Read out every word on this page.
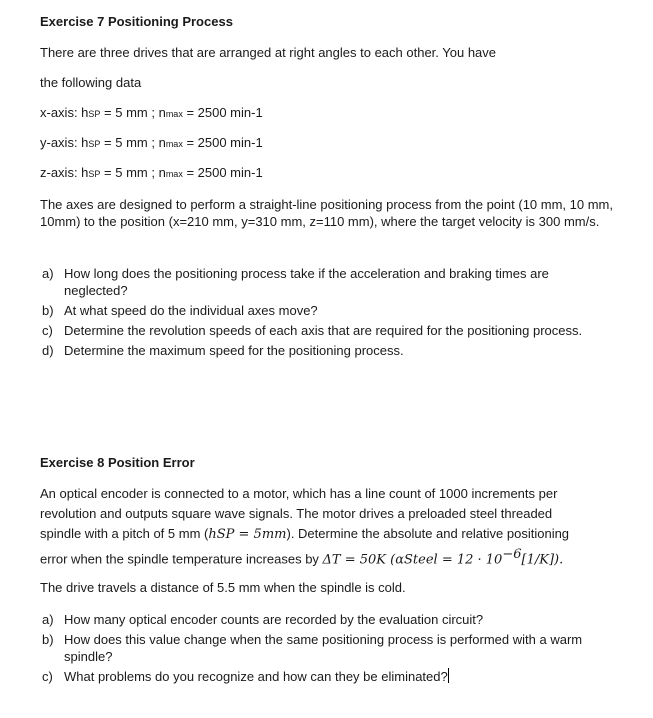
Exercise 7 Positioning Process
There are three drives that are arranged at right angles to each other. You have
the following data
x-axis: hSP = 5 mm ; nmax = 2500 min-1
y-axis: hSP = 5 mm ; nmax = 2500 min-1
z-axis: hSP = 5 mm ; nmax = 2500 min-1
The axes are designed to perform a straight-line positioning process from the point (10 mm, 10 mm, 10mm) to the position (x=210 mm, y=310 mm, z=110 mm), where the target velocity is 300 mm/s.
a) How long does the positioning process take if the acceleration and braking times are neglected?
b) At what speed do the individual axes move?
c) Determine the revolution speeds of each axis that are required for the positioning process.
d) Determine the maximum speed for the positioning process.
Exercise 8 Position Error
An optical encoder is connected to a motor, which has a line count of 1000 increments per
revolution and outputs square wave signals. The motor drives a preloaded steel threaded
spindle with a pitch of 5 mm (hSP = 5mm). Determine the absolute and relative positioning
error when the spindle temperature increases by ΔT = 50K (αSteel = $12 \cdot 10^{-6}[1/K]$).
The drive travels a distance of 5.5 mm when the spindle is cold.
a) How many optical encoder counts are recorded by the evaluation circuit?
b) How does this value change when the same positioning process is performed with a warm spindle?
c) What problems do you recognize and how can they be eliminated?
